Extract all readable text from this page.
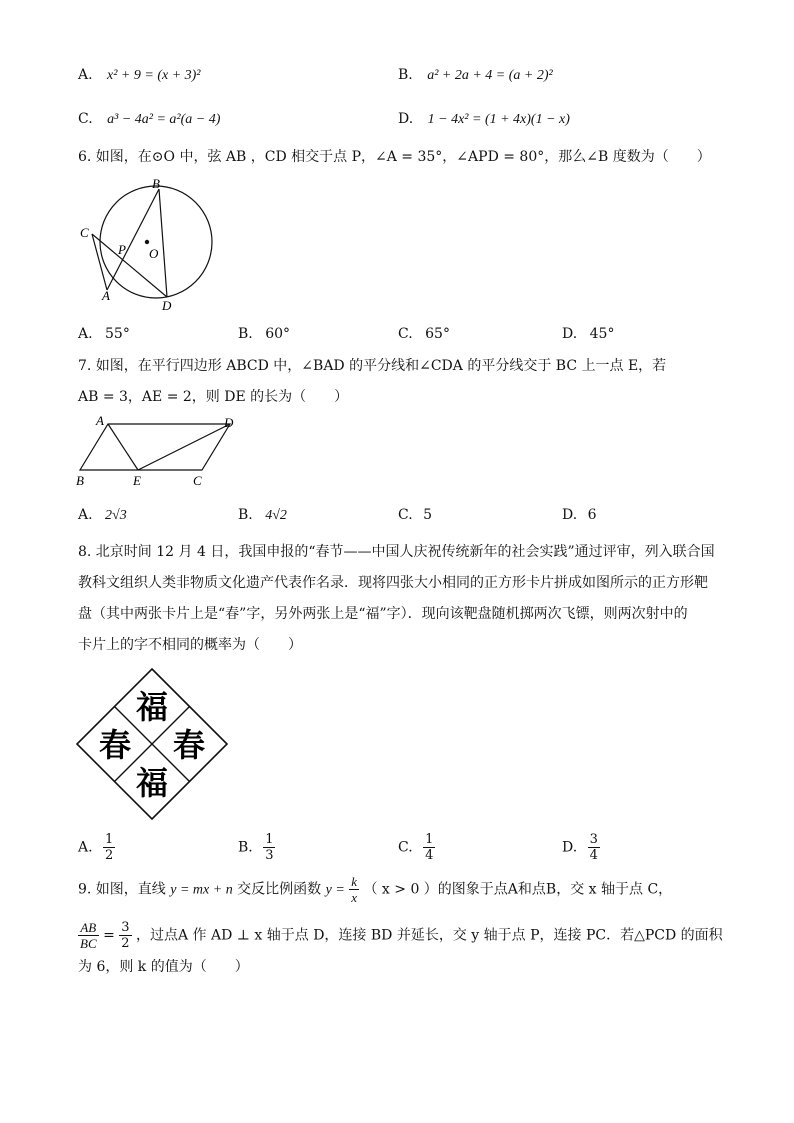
A. x² + 9 = (x + 3)²	B. a² + 2a + 4 = (a + 2)²
C. a³ − 4a² = a²(a − 4)	D. 1 − 4x² = (1 + 4x)(1 − x)
6. 如图，在⊙O 中，弦 AB ，CD 相交于点 P，∠A = 35°，∠APD = 80°，那么∠B 度数为（　　）
B
C
P O
A
D
A. 55°	B. 60°	C. 65°	D. 45°
7. 如图，在平行四边形 ABCD 中，∠BAD 的平分线和∠CDA 的平分线交于 BC 上一点 E，若
AB = 3，AE = 2，则 DE 的长为（　　）
A	D
B	E	C
A. 2√3	B. 4√2	C. 5	D. 6
8. 北京时间 12 月 4 日，我国申报的“春节——中国人庆祝传统新年的社会实践”通过评审，列入联合国
教科文组织人类非物质文化遗产代表作名录．现将四张大小相同的正方形卡片拼成如图所示的正方形靶
盘（其中两张卡片上是“春”字，另外两张上是“福”字）．现向该靶盘随机掷两次飞镖，则两次射中的
卡片上的字不相同的概率为（　　）
福
春 春
福
A. $\frac{1}{2}$	B. $\frac{1}{3}$	C. $\frac{1}{4}$	D. $\frac{3}{4}$
9. 如图，直线 y = mx + n 交反比例函数 $y = \frac{k}{x}$ （ x > 0 ）的图象于点A和点B，交 x 轴于点 C，
$\frac{AB}{BC} = \frac{3}{2}$ ，过点A 作 AD ⊥ x 轴于点 D，连接 BD 并延长，交 y 轴于点 P，连接 PC．若△PCD 的面积
为 6，则 k 的值为（　　）
